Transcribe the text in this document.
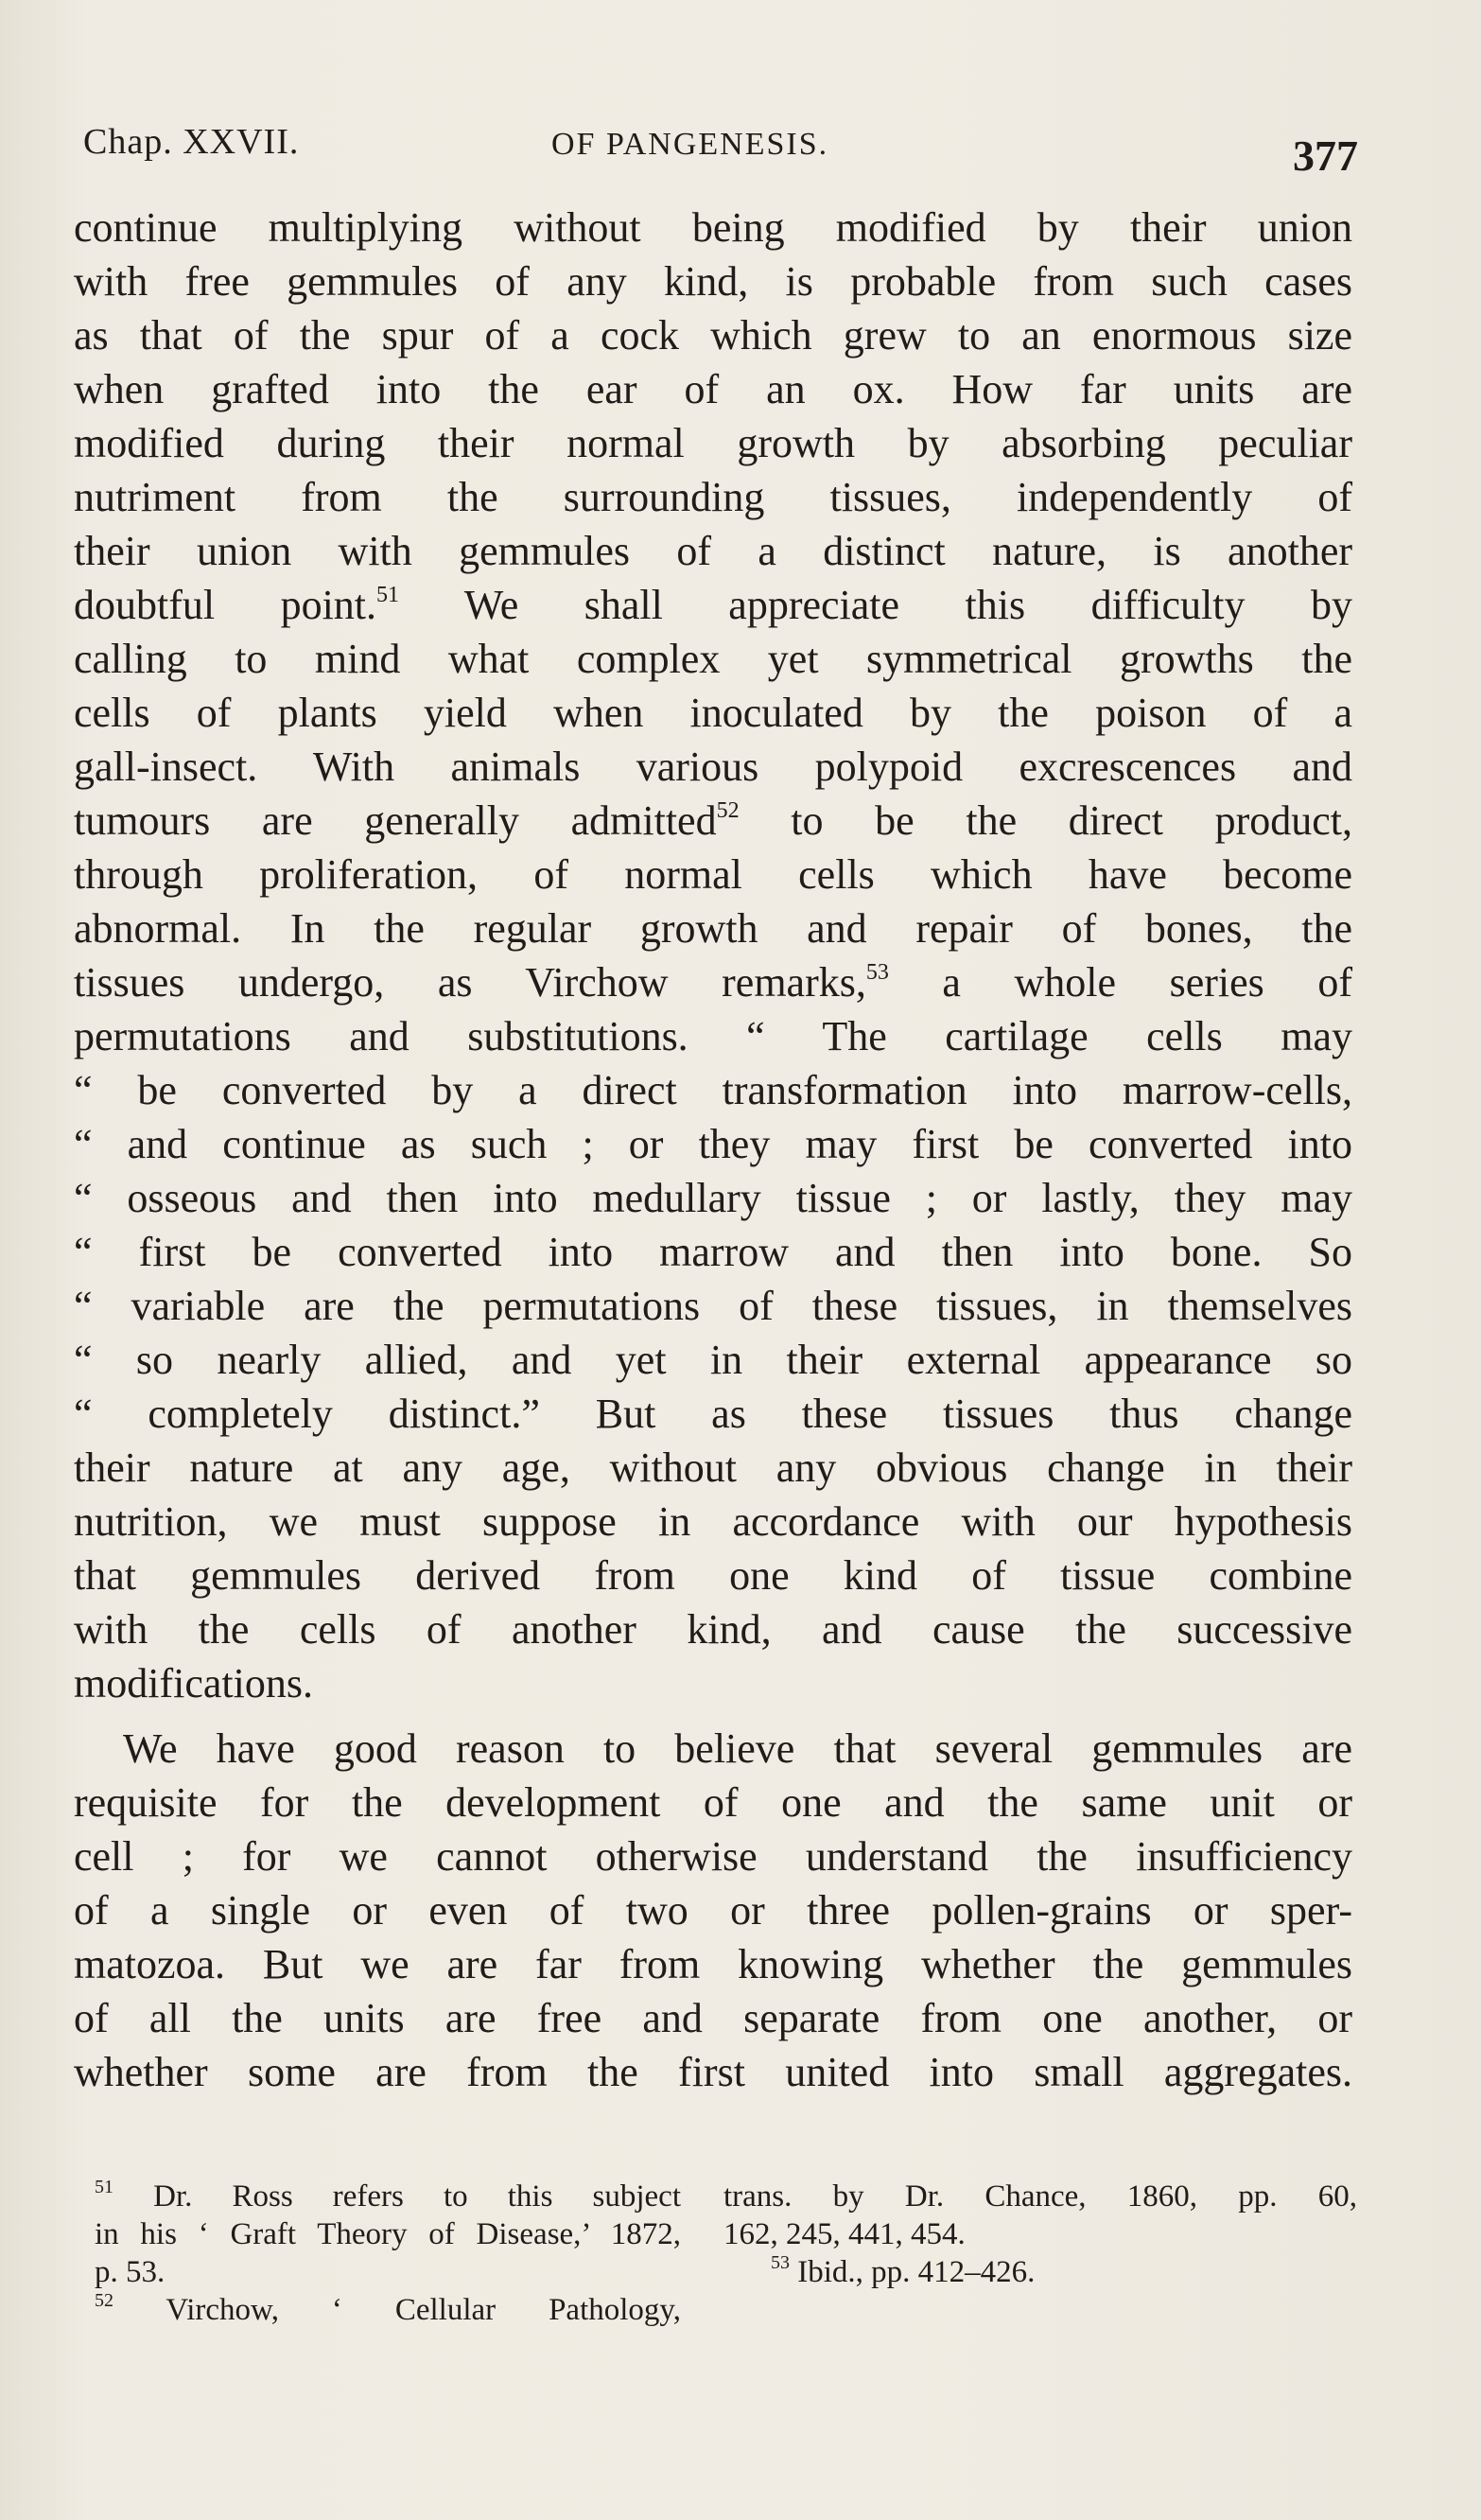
Chap. XXVII.	OF PANGENESIS.	377

continue multiplying without being modified by their union
with free gemmules of any kind, is probable from such cases
as that of the spur of a cock which grew to an enormous size
when grafted into the ear of an ox. How far units are
modified during their normal growth by absorbing peculiar
nutriment from the surrounding tissues, independently of
their union with gemmules of a distinct nature, is another
doubtful point.$^{51}$ We shall appreciate this difficulty by
calling to mind what complex yet symmetrical growths the
cells of plants yield when inoculated by the poison of a
gall-insect. With animals various polypoid excrescences and
tumours are generally admitted$^{52}$ to be the direct product,
through proliferation, of normal cells which have become
abnormal. In the regular growth and repair of bones, the
tissues undergo, as Virchow remarks,$^{53}$ a whole series of
permutations and substitutions. “ The cartilage cells may
“ be converted by a direct transformation into marrow-cells,
“ and continue as such ; or they may first be converted into
“ osseous and then into medullary tissue ; or lastly, they may
“ first be converted into marrow and then into bone. So
“ variable are the permutations of these tissues, in themselves
“ so nearly allied, and yet in their external appearance so
“ completely distinct.” But as these tissues thus change
their nature at any age, without any obvious change in their
nutrition, we must suppose in accordance with our hypothesis
that gemmules derived from one kind of tissue combine
with the cells of another kind, and cause the successive
modifications.

We have good reason to believe that several gemmules are
requisite for the development of one and the same unit or
cell ; for we cannot otherwise understand the insufficiency
of a single or even of two or three pollen-grains or sper-
matozoa. But we are far from knowing whether the gemmules
of all the units are free and separate from one another, or
whether some are from the first united into small aggregates.

$^{51}$ Dr. Ross refers to this subject
in his ‘ Graft Theory of Disease,’ 1872,
p. 53.
$^{52}$ Virchow, ‘ Cellular Pathology,
trans. by Dr. Chance, 1860, pp. 60,
162, 245, 441, 454.
$^{53}$ Ibid., pp. 412–426.
